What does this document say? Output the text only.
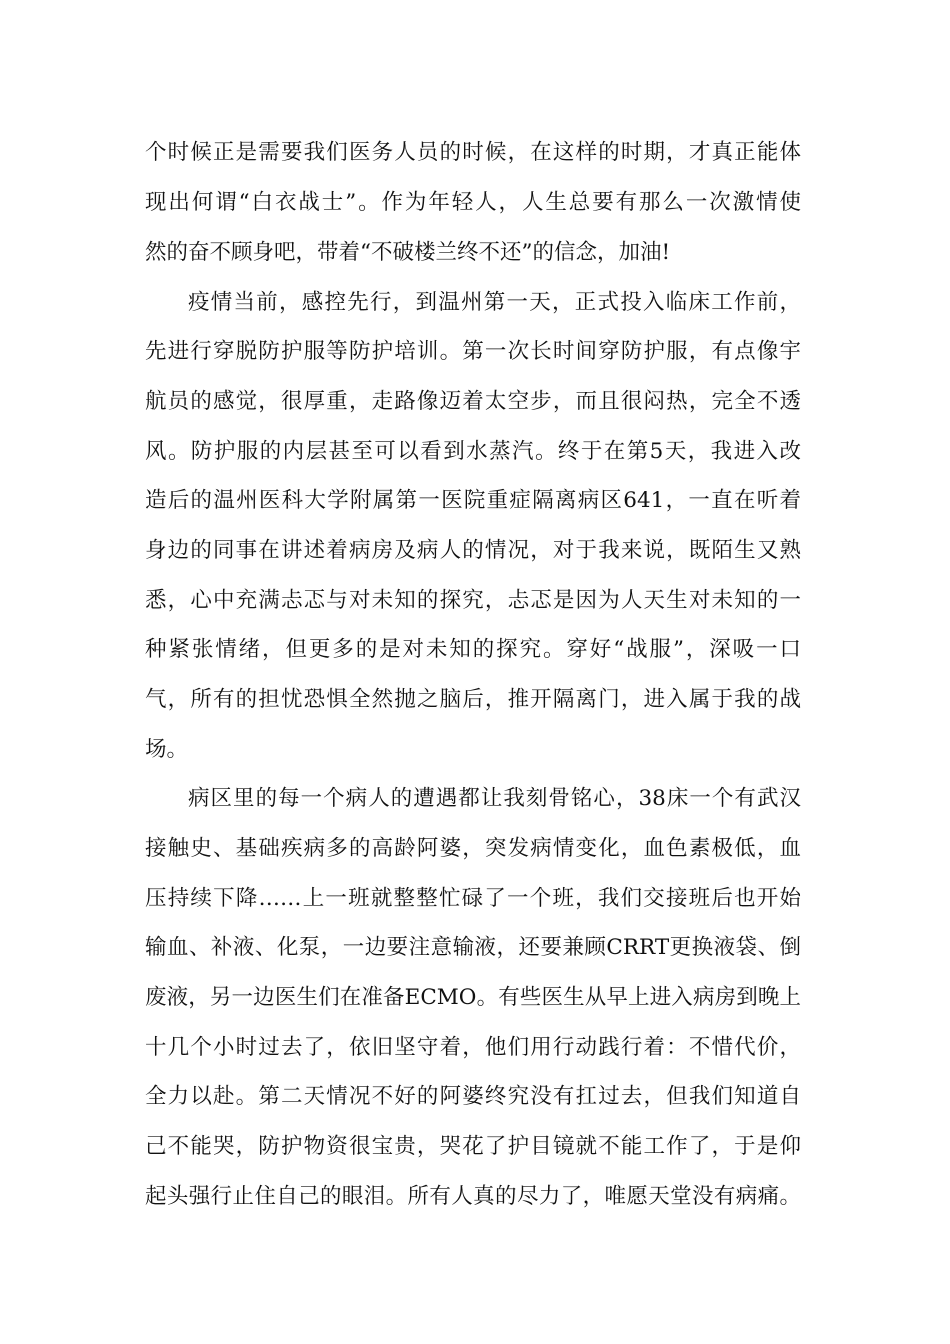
个时候正是需要我们医务人员的时候，在这样的时期，才真正能体
现出何谓“白衣战士”。作为年轻人，人生总要有那么一次激情使
然的奋不顾身吧，带着“不破楼兰终不还”的信念，加油!
疫情当前，感控先行，到温州第一天，正式投入临床工作前，
先进行穿脱防护服等防护培训。第一次长时间穿防护服，有点像宇
航员的感觉，很厚重，走路像迈着太空步，而且很闷热，完全不透
风。防护服的内层甚至可以看到水蒸汽。终于在第5天，我进入改
造后的温州医科大学附属第一医院重症隔离病区641，一直在听着
身边的同事在讲述着病房及病人的情况，对于我来说，既陌生又熟
悉，心中充满忐忑与对未知的探究，忐忑是因为人天生对未知的一
种紧张情绪，但更多的是对未知的探究。穿好“战服”，深吸一口
气，所有的担忧恐惧全然抛之脑后，推开隔离门，进入属于我的战
场。
病区里的每一个病人的遭遇都让我刻骨铭心，38床一个有武汉
接触史、基础疾病多的高龄阿婆，突发病情变化，血色素极低，血
压持续下降……上一班就整整忙碌了一个班，我们交接班后也开始
输血、补液、化泵，一边要注意输液，还要兼顾CRRT更换液袋、倒
废液，另一边医生们在准备ECMO。有些医生从早上进入病房到晚上
十几个小时过去了，依旧坚守着，他们用行动践行着：不惜代价，
全力以赴。第二天情况不好的阿婆终究没有扛过去，但我们知道自
己不能哭，防护物资很宝贵，哭花了护目镜就不能工作了，于是仰
起头强行止住自己的眼泪。所有人真的尽力了，唯愿天堂没有病痛。
